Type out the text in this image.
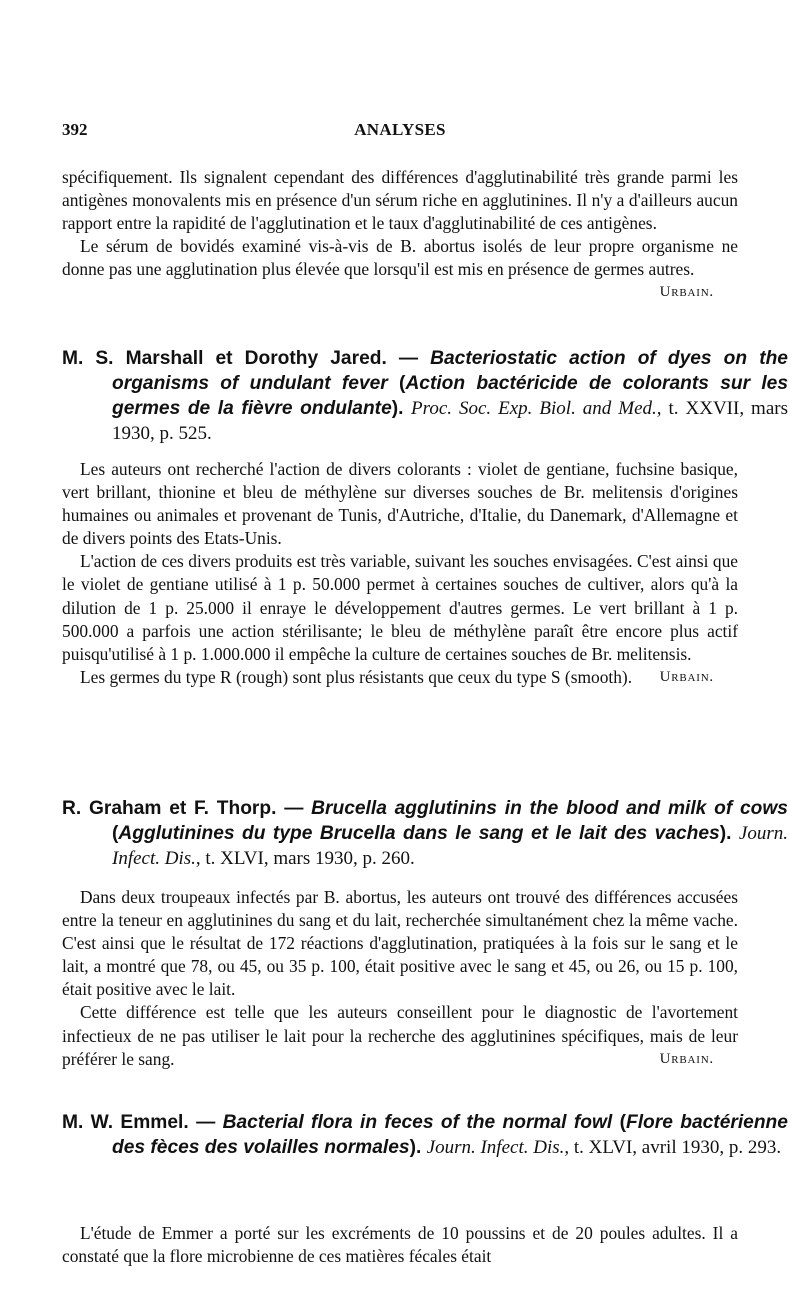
392	ANALYSES

spécifiquement. Ils signalent cependant des différences d'agglutinabilité très grande parmi les antigènes monovalents mis en présence d'un sérum riche en agglutinines. Il n'y a d'ailleurs aucun rapport entre la rapidité de l'agglutination et le taux d'agglutinabilité de ces antigènes.

Le sérum de bovidés examiné vis-à-vis de B. abortus isolés de leur propre organisme ne donne pas une agglutination plus élevée que lorsqu'il est mis en présence de germes autres.
Urbain.

M. S. Marshall et Dorothy Jared. — Bacteriostatic action of dyes on the organisms of undulant fever (Action bactéricide de colorants sur les germes de la fièvre ondulante). Proc. Soc. Exp. Biol. and Med., t. XXVII, mars 1930, p. 525.

Les auteurs ont recherché l'action de divers colorants : violet de gentiane, fuchsine basique, vert brillant, thionine et bleu de méthylène sur diverses souches de Br. melitensis d'origines humaines ou animales et provenant de Tunis, d'Autriche, d'Italie, du Danemark, d'Allemagne et de divers points des Etats-Unis.

L'action de ces divers produits est très variable, suivant les souches envisagées. C'est ainsi que le violet de gentiane utilisé à 1 p. 50.000 permet à certaines souches de cultiver, alors qu'à la dilution de 1 p. 25.000 il enraye le développement d'autres germes. Le vert brillant à 1 p. 500.000 a parfois une action stérilisante; le bleu de méthylène paraît être encore plus actif puisqu'utilisé à 1 p. 1.000.000 il empêche la culture de certaines souches de Br. melitensis.

Les germes du type R (rough) sont plus résistants que ceux du type S (smooth). Urbain.

R. Graham et F. Thorp. — Brucella agglutinins in the blood and milk of cows (Agglutinines du type Brucella dans le sang et le lait des vaches). Journ. Infect. Dis., t. XLVI, mars 1930, p. 260.

Dans deux troupeaux infectés par B. abortus, les auteurs ont trouvé des différences accusées entre la teneur en agglutinines du sang et du lait, recherchée simultanément chez la même vache. C'est ainsi que le résultat de 172 réactions d'agglutination, pratiquées à la fois sur le sang et le lait, a montré que 78, ou 45, ou 35 p. 100, était positive avec le sang et 45, ou 26, ou 15 p. 100, était positive avec le lait.

Cette différence est telle que les auteurs conseillent pour le diagnostic de l'avortement infectieux de ne pas utiliser le lait pour la recherche des agglutinines spécifiques, mais de leur préférer le sang.	Urbain.

M. W. Emmel. — Bacterial flora in feces of the normal fowl (Flore bactérienne des fèces des volailles normales). Journ. Infect. Dis., t. XLVI, avril 1930, p. 293.

L'étude de Emmer a porté sur les excréments de 10 poussins et de 20 poules adultes. Il a constaté que la flore microbienne de ces matières fécales était
